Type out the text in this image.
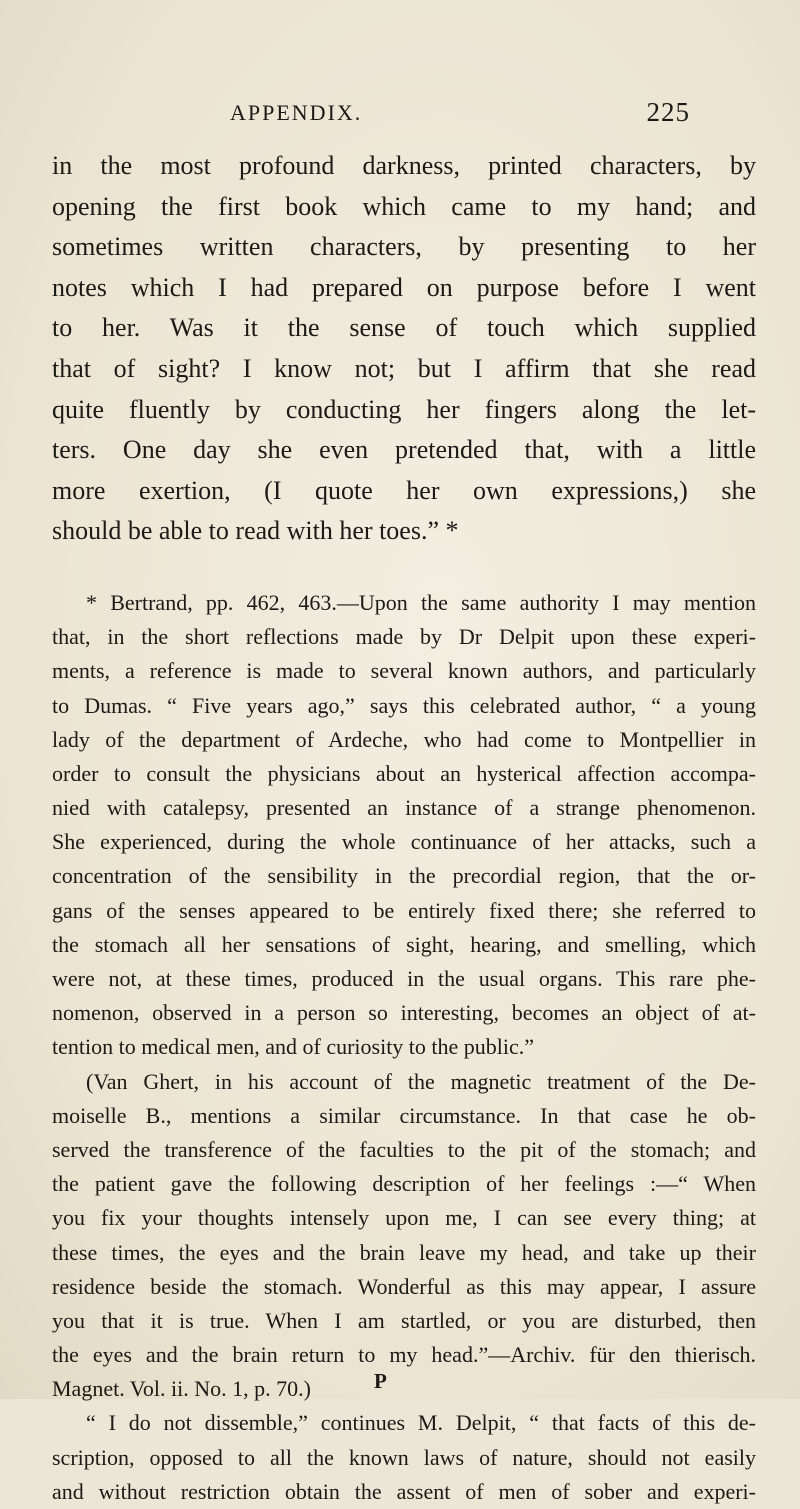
APPENDIX.	225
in the most profound darkness, printed characters, by
opening the first book which came to my hand; and
sometimes written characters, by presenting to her
notes which I had prepared on purpose before I went
to her. Was it the sense of touch which supplied
that of sight? I know not; but I affirm that she read
quite fluently by conducting her fingers along the let-
ters. One day she even pretended that, with a little
more exertion, (I quote her own expressions,) she
should be able to read with her toes.” *
* Bertrand, pp. 462, 463.—Upon the same authority I may mention
that, in the short reflections made by Dr Delpit upon these experi-
ments, a reference is made to several known authors, and particularly
to Dumas. “ Five years ago,” says this celebrated author, “ a young
lady of the department of Ardeche, who had come to Montpellier in
order to consult the physicians about an hysterical affection accompa-
nied with catalepsy, presented an instance of a strange phenomenon.
She experienced, during the whole continuance of her attacks, such a
concentration of the sensibility in the precordial region, that the or-
gans of the senses appeared to be entirely fixed there; she referred to
the stomach all her sensations of sight, hearing, and smelling, which
were not, at these times, produced in the usual organs. This rare phe-
nomenon, observed in a person so interesting, becomes an object of at-
tention to medical men, and of curiosity to the public.”
(Van Ghert, in his account of the magnetic treatment of the De-
moiselle B., mentions a similar circumstance. In that case he ob-
served the transference of the faculties to the pit of the stomach; and
the patient gave the following description of her feelings :—“ When
you fix your thoughts intensely upon me, I can see every thing; at
these times, the eyes and the brain leave my head, and take up their
residence beside the stomach. Wonderful as this may appear, I assure
you that it is true. When I am startled, or you are disturbed, then
the eyes and the brain return to my head.”—Archiv. für den thierisch.
Magnet. Vol. ii. No. 1, p. 70.)
“ I do not dissemble,” continues M. Delpit, “ that facts of this de-
scription, opposed to all the known laws of nature, should not easily
and without restriction obtain the assent of men of sober and experi-
P
